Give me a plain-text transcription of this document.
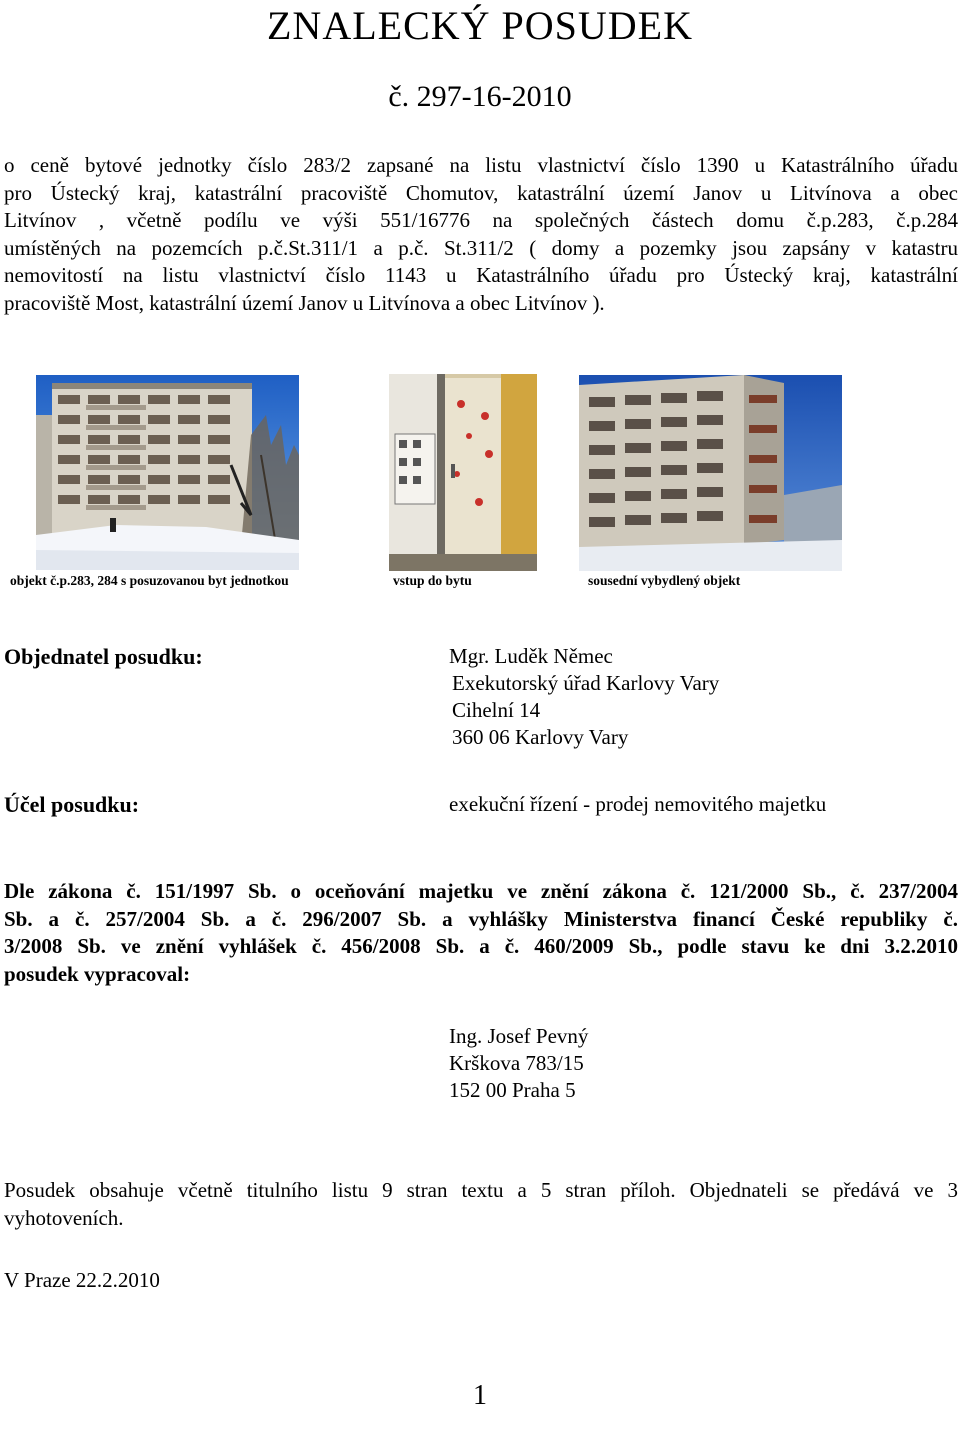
ZNALECKÝ POSUDEK
č. 297-16-2010
o ceně bytové jednotky číslo 283/2 zapsané na listu vlastnictví číslo 1390 u Katastrálního úřadu
pro Ústecký kraj, katastrální pracoviště Chomutov, katastrální území Janov u Litvínova a obec
Litvínov , včetně podílu ve výši 551/16776 na společných částech domu č.p.283, č.p.284
umístěných na pozemcích p.č.St.311/1 a p.č. St.311/2 ( domy a pozemky jsou zapsány v katastru
nemovitostí na listu vlastnictví číslo 1143 u Katastrálního úřadu pro Ústecký kraj, katastrální
pracoviště Most, katastrální území Janov u Litvínova a obec Litvínov ).
objekt č.p.283, 284 s posuzovanou byt jednotkou	vstup do bytu	sousední vybydlený objekt
Objednatel posudku:	Mgr. Luděk Němec
Exekutorský úřad Karlovy Vary
Cihelní 14
360 06 Karlovy Vary
Účel posudku:	exekuční řízení - prodej nemovitého majetku
Dle zákona č. 151/1997 Sb. o oceňování majetku ve znění zákona č. 121/2000 Sb., č. 237/2004
Sb. a č. 257/2004 Sb. a č. 296/2007 Sb. a vyhlášky Ministerstva financí České republiky č.
3/2008 Sb. ve znění vyhlášek č. 456/2008 Sb. a č. 460/2009 Sb., podle stavu ke dni 3.2.2010
posudek vypracoval:
Ing. Josef Pevný
Krškova 783/15
152 00 Praha 5
Posudek obsahuje včetně titulního listu 9 stran textu a 5 stran příloh. Objednateli se předává ve 3
vyhotoveních.
V Praze 22.2.2010
1
